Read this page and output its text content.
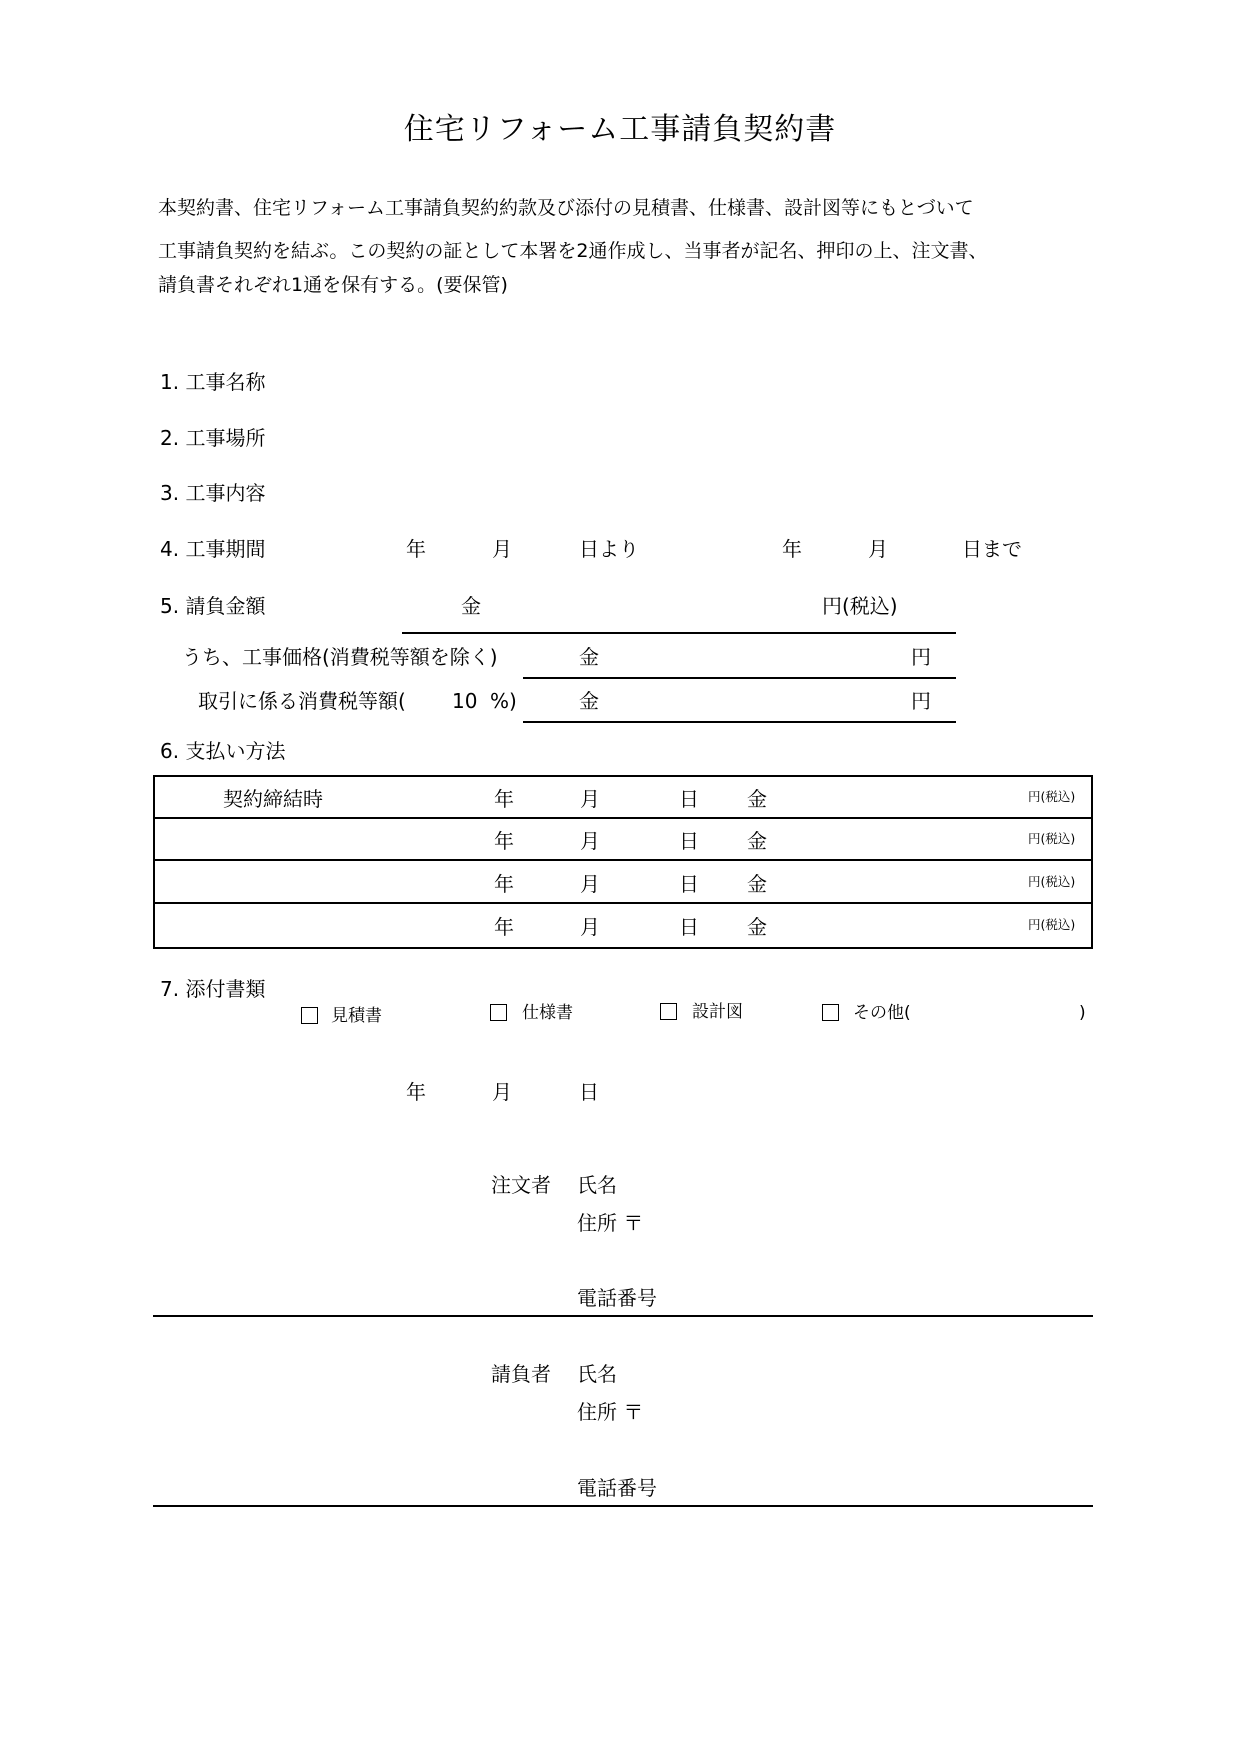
住宅リフォーム工事請負契約書
本契約書、住宅リフォーム工事請負契約約款及び添付の見積書、仕様書、設計図等にもとづいて
工事請負契約を結ぶ。この契約の証として本署を2通作成し、当事者が記名、押印の上、注文書、
請負書それぞれ1通を保有する。(要保管)
1. 工事名称
2. 工事場所
3. 工事内容
4. 工事期間	年	月	日より	年	月	日まで
5. 請負金額	金	円(税込)
うち、工事価格(消費税等額を除く)	金	円
取引に係る消費税等額( 10 %)	金	円
6. 支払い方法
契約締結時	年	月	日 金	円(税込)
年	月	日 金	円(税込)
年	月	日 金	円(税込)
年	月	日 金	円(税込)
7. 添付書類
見積書	仕様書	設計図	その他(	)
年	月	日
注文者 氏名
住所 〒
電話番号
請負者 氏名
住所 〒
電話番号
